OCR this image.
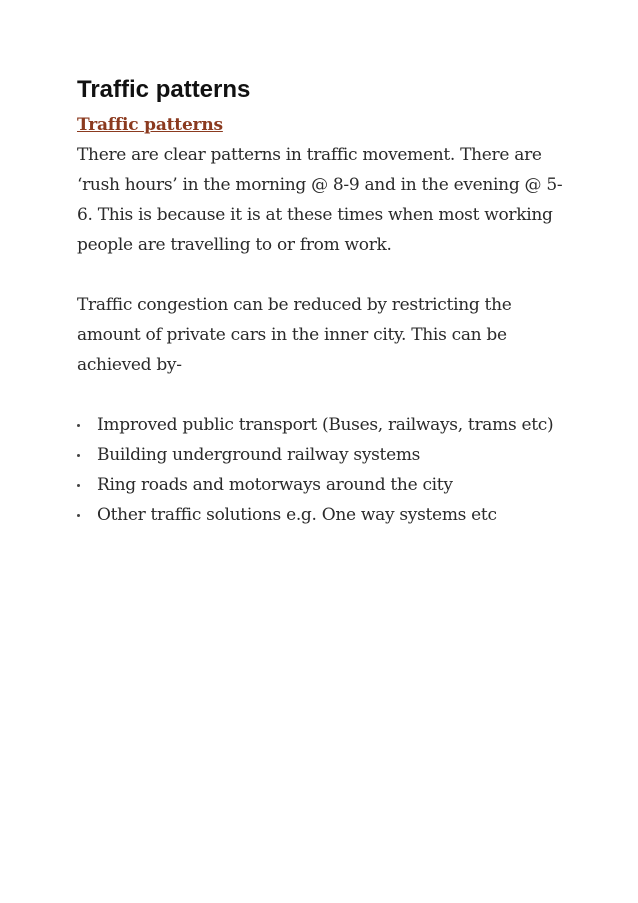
Traffic patterns
Traffic patterns

There are clear patterns in traffic movement. There are ‘rush hours’ in the morning @ 8-9 and in the evening @ 5-6. This is because it is at these times when most working people are travelling to or from work.

Traffic congestion can be reduced by restricting the amount of private cars in the inner city. This can be achieved by-

Improved public transport (Buses, railways, trams etc)
Building underground railway systems
Ring roads and motorways around the city
Other traffic solutions e.g. One way systems etc
